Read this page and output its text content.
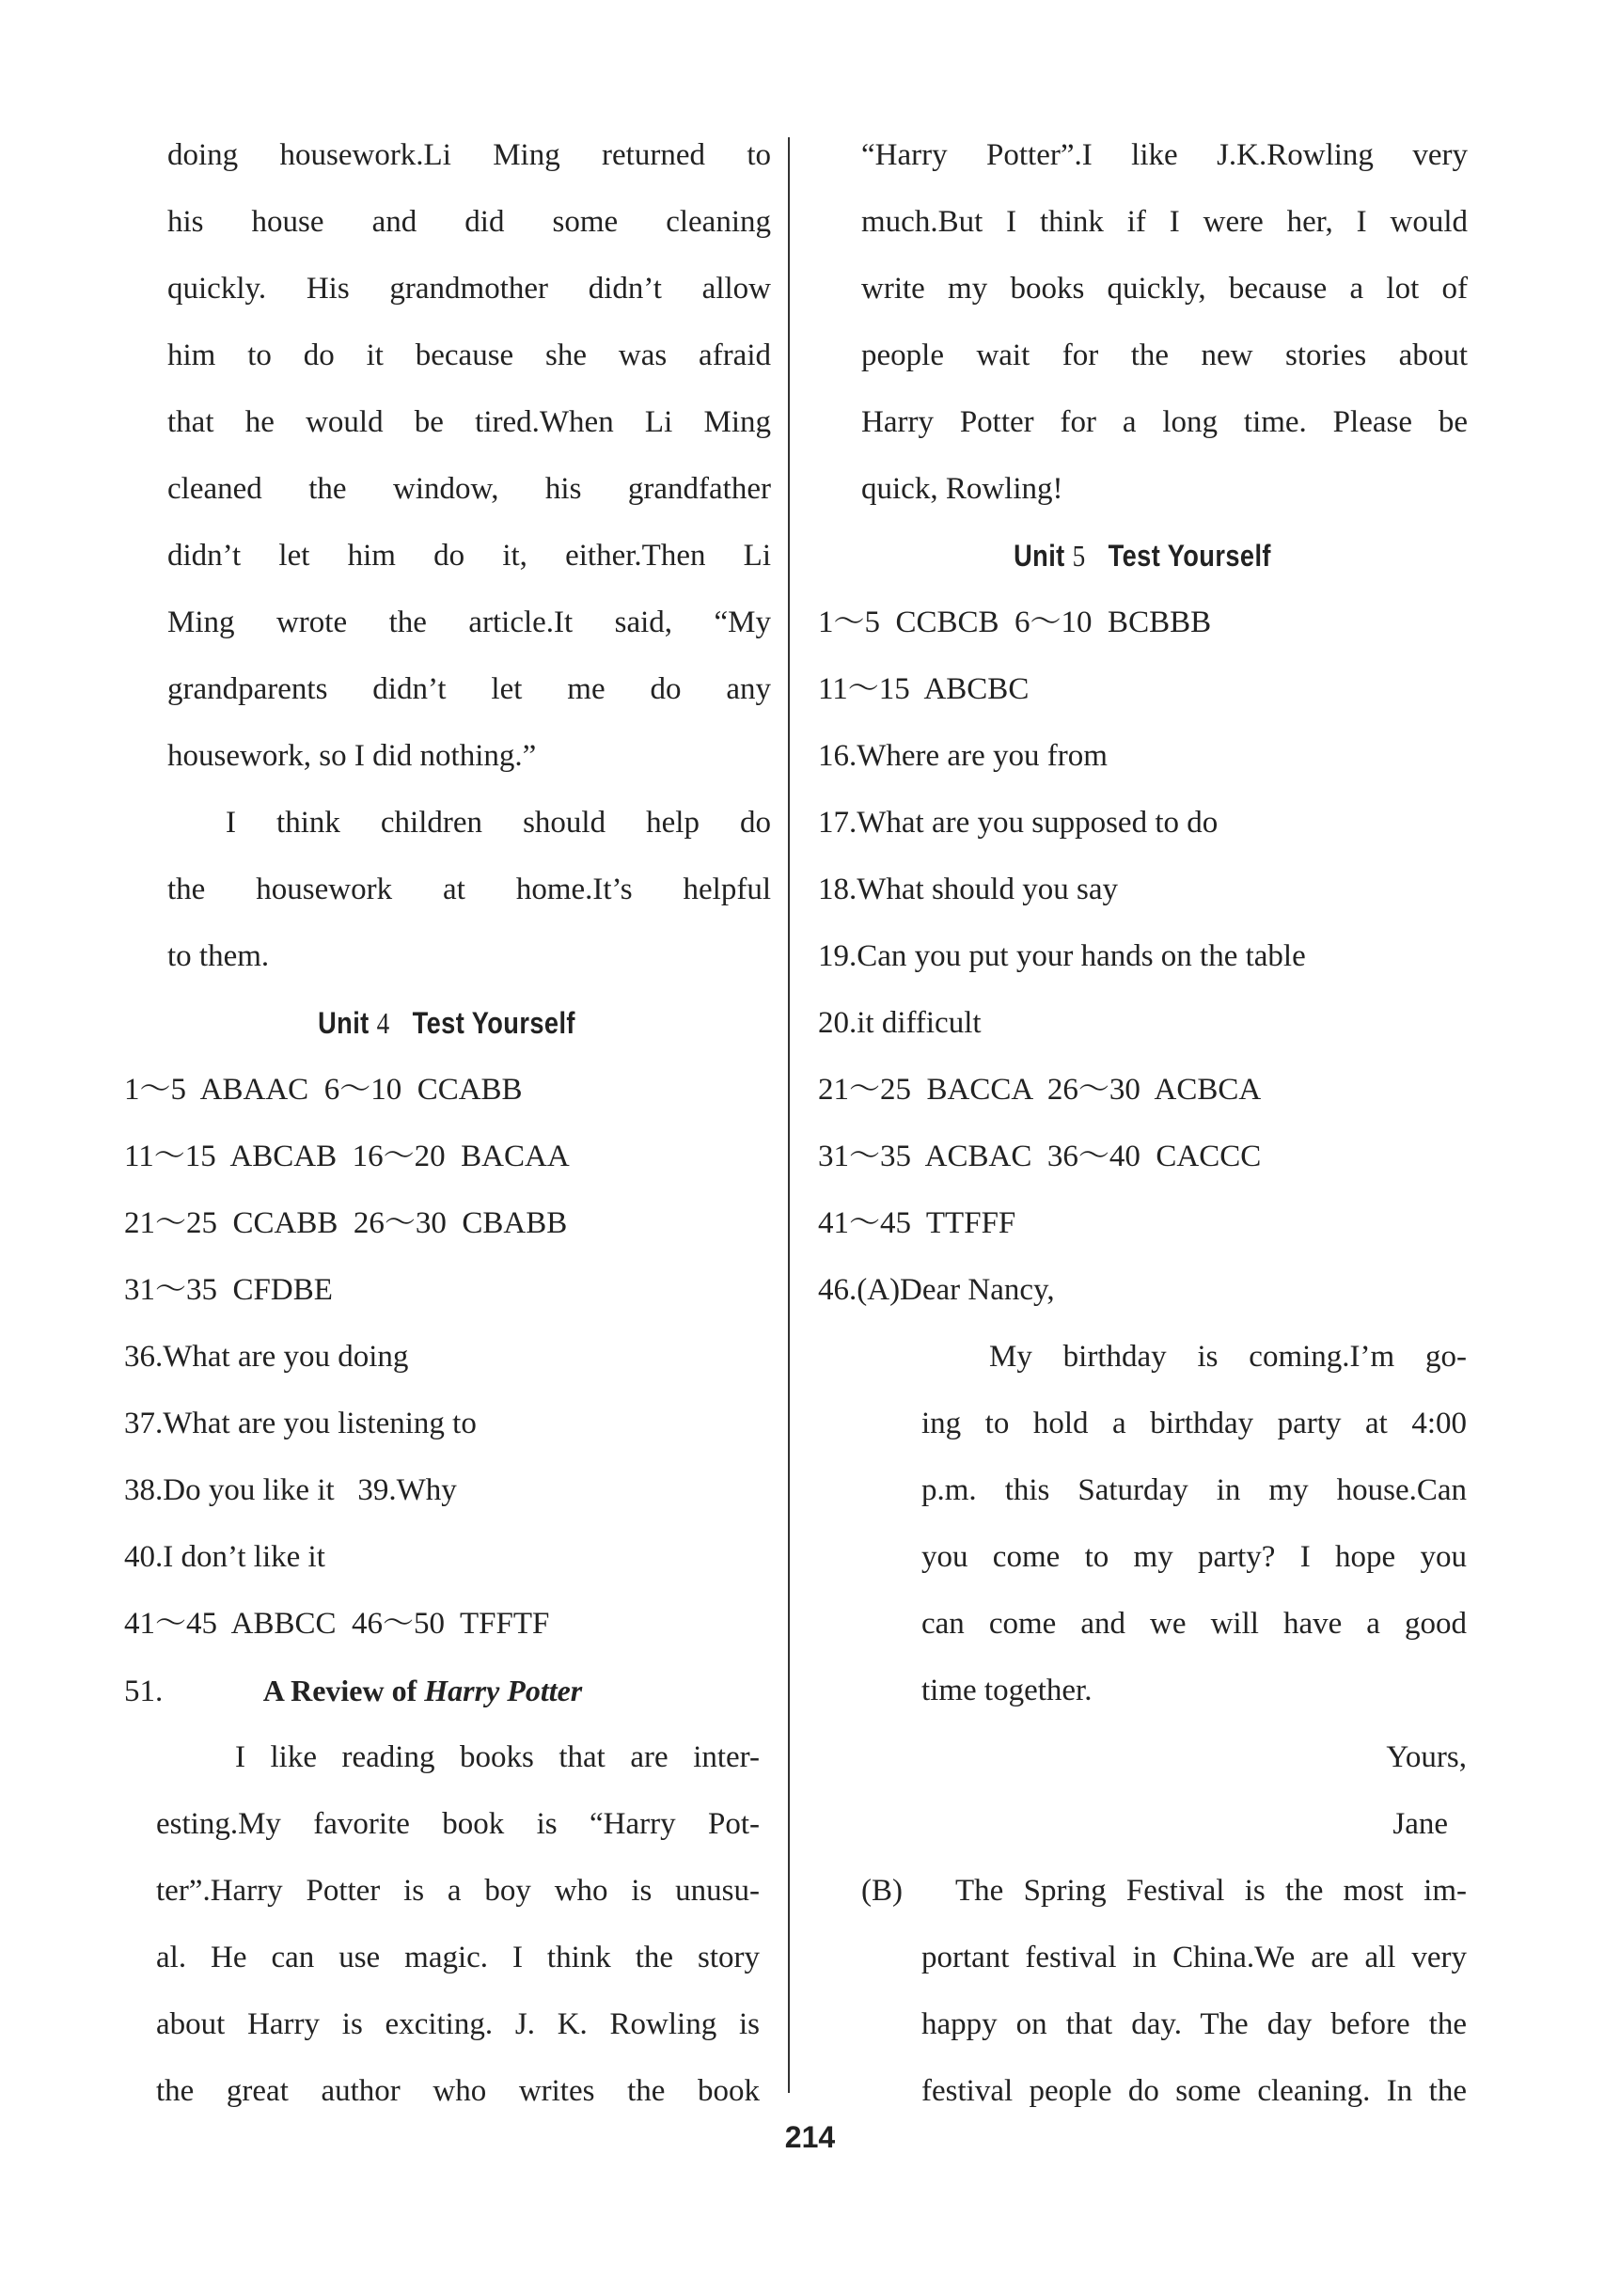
doing housework.Li Ming returned to
his house and did some cleaning
quickly. His grandmother didn’t allow
him to do it because she was afraid
that he would be tired.When Li Ming
cleaned the window, his grandfather
didn’t let him do it, either.Then Li
Ming wrote the article.It said, “My
grandparents didn’t let me do any
housework, so I did nothing.”
I think children should help do
the housework at home.It’s helpful
to them.
Unit 4 Test Yourself
1～5  ABAAC  6～10  CCABB
11～15  ABCAB  16～20  BACAA
21～25  CCABB  26～30  CBABB
31～35  CFDBE
36.What are you doing
37.What are you listening to
38.Do you like it   39.Why
40.I don’t like it
41～45  ABBCC  46～50  TFFTF
51.	A Review of Harry Potter
I like reading books that are inter-
esting.My favorite book is “Harry Pot-
ter”.Harry Potter is a boy who is unusu-
al. He can use magic. I think the story
about Harry is exciting. J. K. Rowling is
the great author who writes the book
“Harry Potter”.I like J.K.Rowling very
much.But I think if I were her, I would
write my books quickly, because a lot of
people wait for the new stories about
Harry Potter for a long time. Please be
quick, Rowling!
Unit 5 Test Yourself
1～5  CCBCB  6～10  BCBBB
11～15  ABCBC
16.Where are you from
17.What are you supposed to do
18.What should you say
19.Can you put your hands on the table
20.it difficult
21～25  BACCA  26～30  ACBCA
31～35  ACBAC  36～40  CACCC
41～45  TTFFF
46.(A)Dear Nancy,
My birthday is coming.I’m go-
ing to hold a birthday party at 4:00
p.m. this Saturday in my house.Can
you come to my party? I hope you
can come and we will have a good
time together.
Yours,
Jane
(B)	The Spring Festival is the most im-
portant festival in China.We are all very
happy on that day. The day before the
festival people do some cleaning. In the
214
